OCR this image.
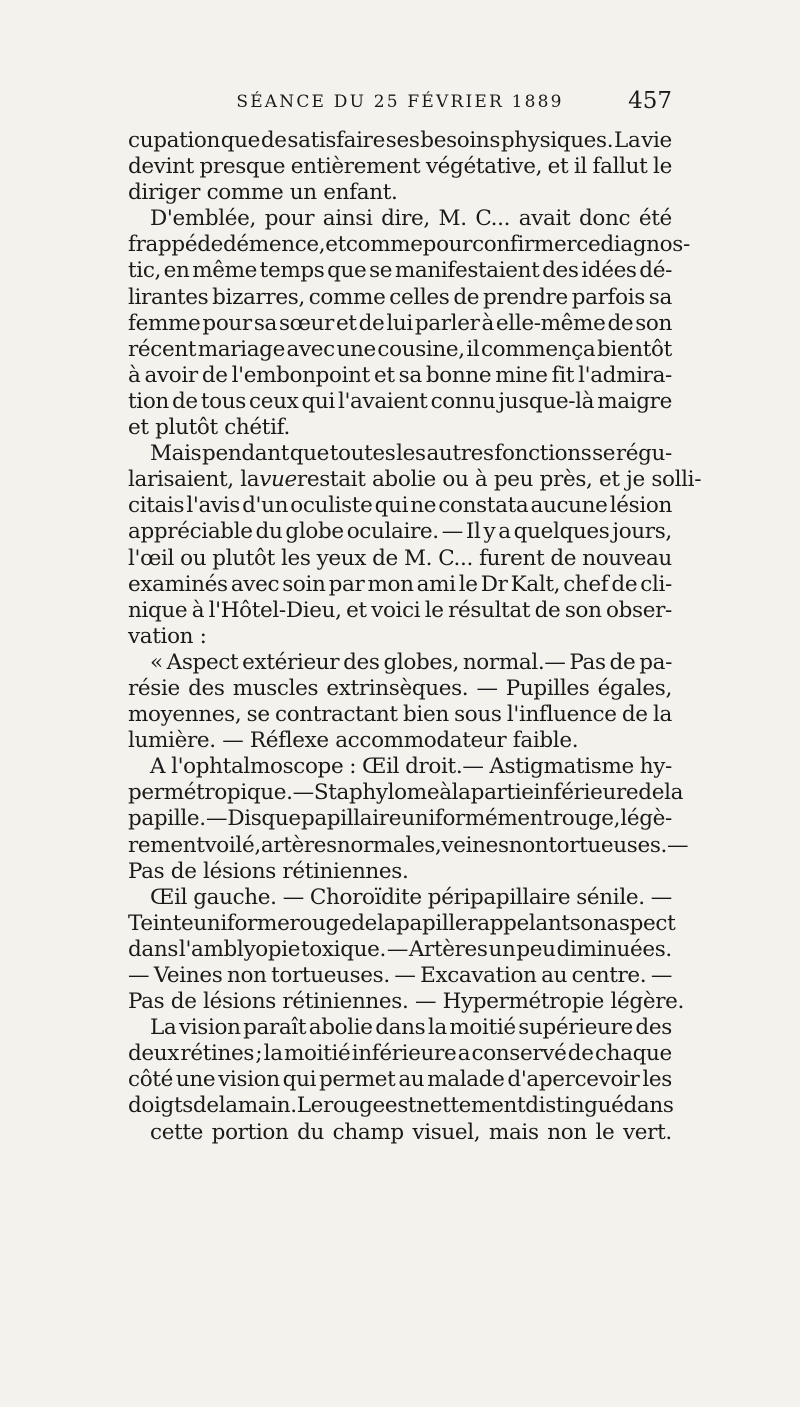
SÉANCE DU 25 FÉVRIER 1889	457
cupation que de satisfaire ses besoins physiques. La vie
devint presque entièrement végétative, et il fallut le
diriger comme un enfant.
D'emblée, pour ainsi dire, M. C... avait donc été
frappé de démence, et comme pour confirmer ce diagnos-
tic, en même temps que se manifestaient des idées dé-
lirantes bizarres, comme celles de prendre parfois sa
femme pour sa sœur et de lui parler à elle-même de son
récent mariage avec une cousine, il commença bientôt
à avoir de l'embonpoint et sa bonne mine fit l'admira-
tion de tous ceux qui l'avaient connu jusque-là maigre
et plutôt chétif.
Mais pendant que toutes les autres fonctions se régu-
larisaient, la vue restait abolie ou à peu près, et je solli-
citais l'avis d'un oculiste qui ne constata aucune lésion
appréciable du globe oculaire. — Il y a quelques jours,
l'œil ou plutôt les yeux de M. C... furent de nouveau
examinés avec soin par mon ami le Dr Kalt, chef de cli-
nique à l'Hôtel-Dieu, et voici le résultat de son obser-
vation :
« Aspect extérieur des globes, normal.— Pas de pa-
résie des muscles extrinsèques. — Pupilles égales,
moyennes, se contractant bien sous l'influence de la
lumière. — Réflexe accommodateur faible.
A l'ophtalmoscope : Œil droit.— Astigmatisme hy-
permétropique. — Staphylome à la partie inférieure de la
papille. — Disque papillaire uniformément rouge, légè-
rement voilé, artères normales, veines non tortueuses. —
Pas de lésions rétiniennes.
Œil gauche. — Choroïdite péripapillaire sénile. —
Teinte uniforme rouge de la papille rappelant son aspect
dans l'amblyopie toxique. — Artères un peu diminuées.
— Veines non tortueuses. — Excavation au centre. —
Pas de lésions rétiniennes. — Hypermétropie légère.
La vision paraît abolie dans la moitié supérieure des
deux rétines ; la moitié inférieure a conservé de chaque
côté une vision qui permet au malade d'apercevoir les
doigts de la main. Le rouge est nettement distingué dans
cette portion du champ visuel, mais non le vert.
